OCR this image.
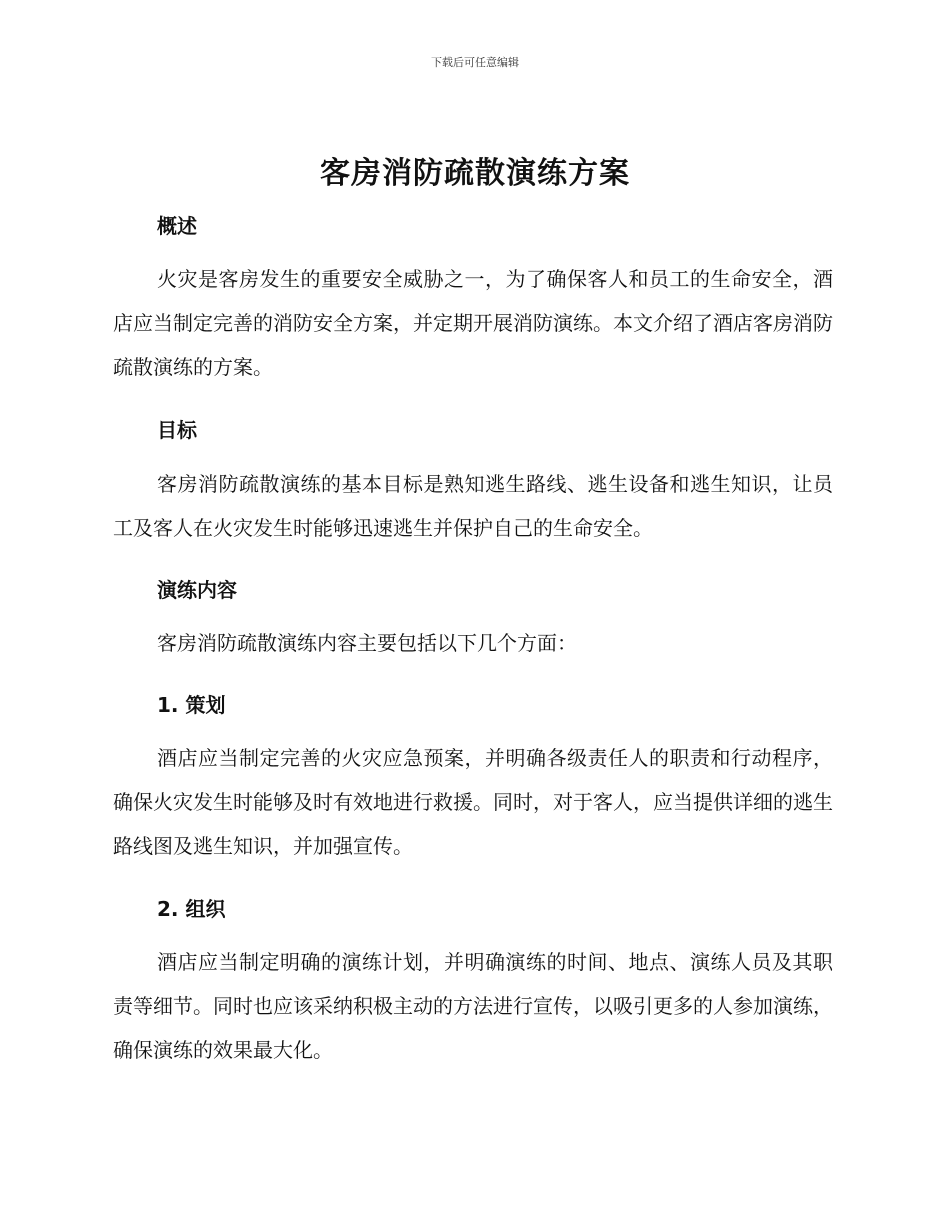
下载后可任意编辑
客房消防疏散演练方案
概述
火灾是客房发生的重要安全威胁之一，为了确保客人和员工的生命安全，酒店应当制定完善的消防安全方案，并定期开展消防演练。本文介绍了酒店客房消防疏散演练的方案。
目标
客房消防疏散演练的基本目标是熟知逃生路线、逃生设备和逃生知识，让员工及客人在火灾发生时能够迅速逃生并保护自己的生命安全。
演练内容
客房消防疏散演练内容主要包括以下几个方面：
1. 策划
酒店应当制定完善的火灾应急预案，并明确各级责任人的职责和行动程序，确保火灾发生时能够及时有效地进行救援。同时，对于客人，应当提供详细的逃生路线图及逃生知识，并加强宣传。
2. 组织
酒店应当制定明确的演练计划，并明确演练的时间、地点、演练人员及其职责等细节。同时也应该采纳积极主动的方法进行宣传，以吸引更多的人参加演练，确保演练的效果最大化。
